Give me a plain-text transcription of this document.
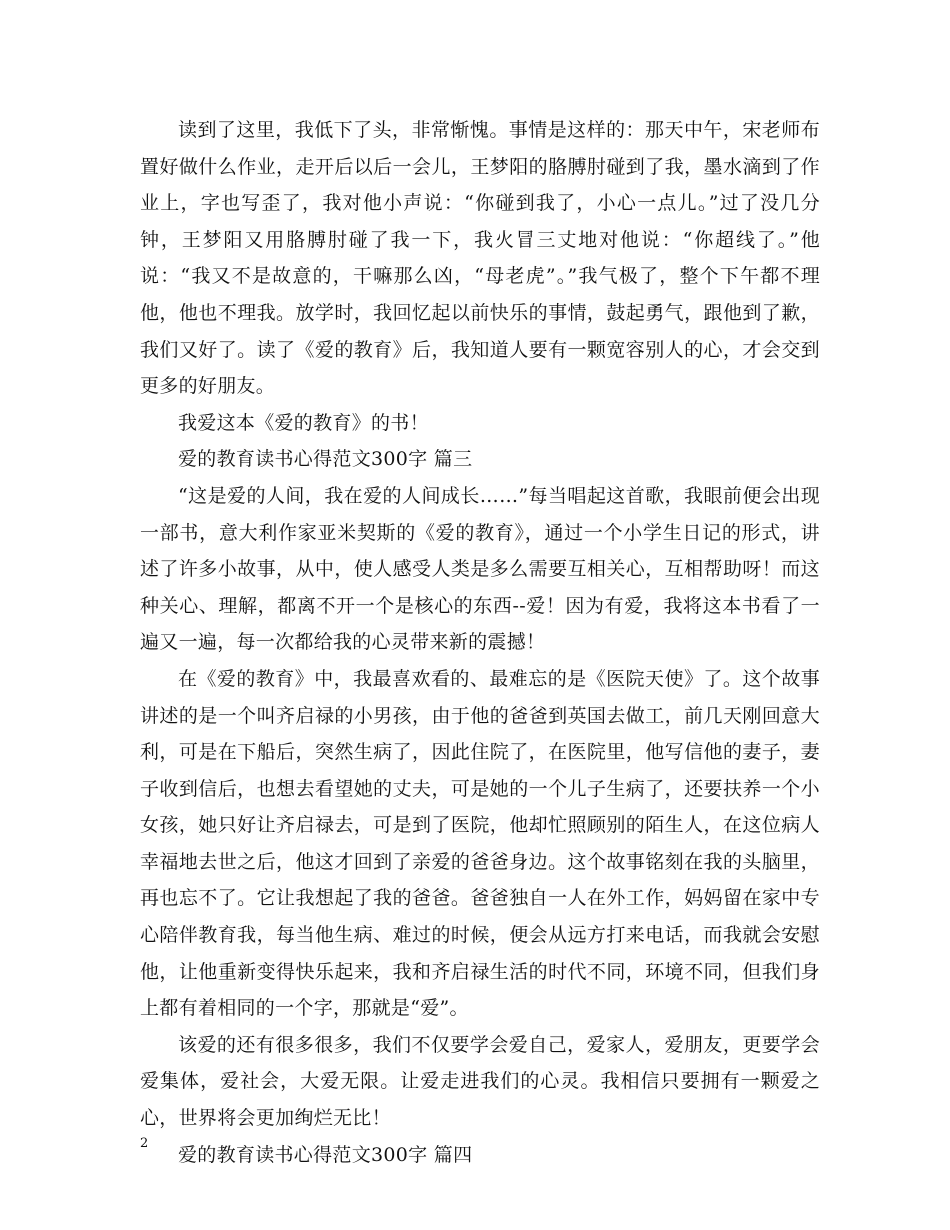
读到了这里，我低下了头，非常惭愧。事情是这样的：那天中午，宋老师布置好做什么作业，走开后以后一会儿，王梦阳的胳膊肘碰到了我，墨水滴到了作业上，字也写歪了，我对他小声说：“你碰到我了，小心一点儿。”过了没几分钟，王梦阳又用胳膊肘碰了我一下，我火冒三丈地对他说：“你超线了。”他说：“我又不是故意的，干嘛那么凶，“母老虎”。”我气极了，整个下午都不理他，他也不理我。放学时，我回忆起以前快乐的事情，鼓起勇气，跟他到了歉，我们又好了。读了《爱的教育》后，我知道人要有一颗宽容别人的心，才会交到更多的好朋友。

我爱这本《爱的教育》的书！

爱的教育读书心得范文300字 篇三

“这是爱的人间，我在爱的人间成长……”每当唱起这首歌，我眼前便会出现一部书，意大利作家亚米契斯的《爱的教育》，通过一个小学生日记的形式，讲述了许多小故事，从中，使人感受人类是多么需要互相关心，互相帮助呀！而这种关心、理解，都离不开一个是核心的东西--爱！因为有爱，我将这本书看了一遍又一遍，每一次都给我的心灵带来新的震撼！

在《爱的教育》中，我最喜欢看的、最难忘的是《医院天使》了。这个故事讲述的是一个叫齐启禄的小男孩，由于他的爸爸到英国去做工，前几天刚回意大利，可是在下船后，突然生病了，因此住院了，在医院里，他写信他的妻子，妻子收到信后，也想去看望她的丈夫，可是她的一个儿子生病了，还要扶养一个小女孩，她只好让齐启禄去，可是到了医院，他却忙照顾别的陌生人，在这位病人幸福地去世之后，他这才回到了亲爱的爸爸身边。这个故事铭刻在我的头脑里，再也忘不了。它让我想起了我的爸爸。爸爸独自一人在外工作，妈妈留在家中专心陪伴教育我，每当他生病、难过的时候，便会从远方打来电话，而我就会安慰他，让他重新变得快乐起来，我和齐启禄生活的时代不同，环境不同，但我们身上都有着相同的一个字，那就是“爱”。

该爱的还有很多很多，我们不仅要学会爱自己，爱家人，爱朋友，更要学会爱集体，爱社会，大爱无限。让爱走进我们的心灵。我相信只要拥有一颗爱之心，世界将会更加绚烂无比！

爱的教育读书心得范文300字 篇四

2
